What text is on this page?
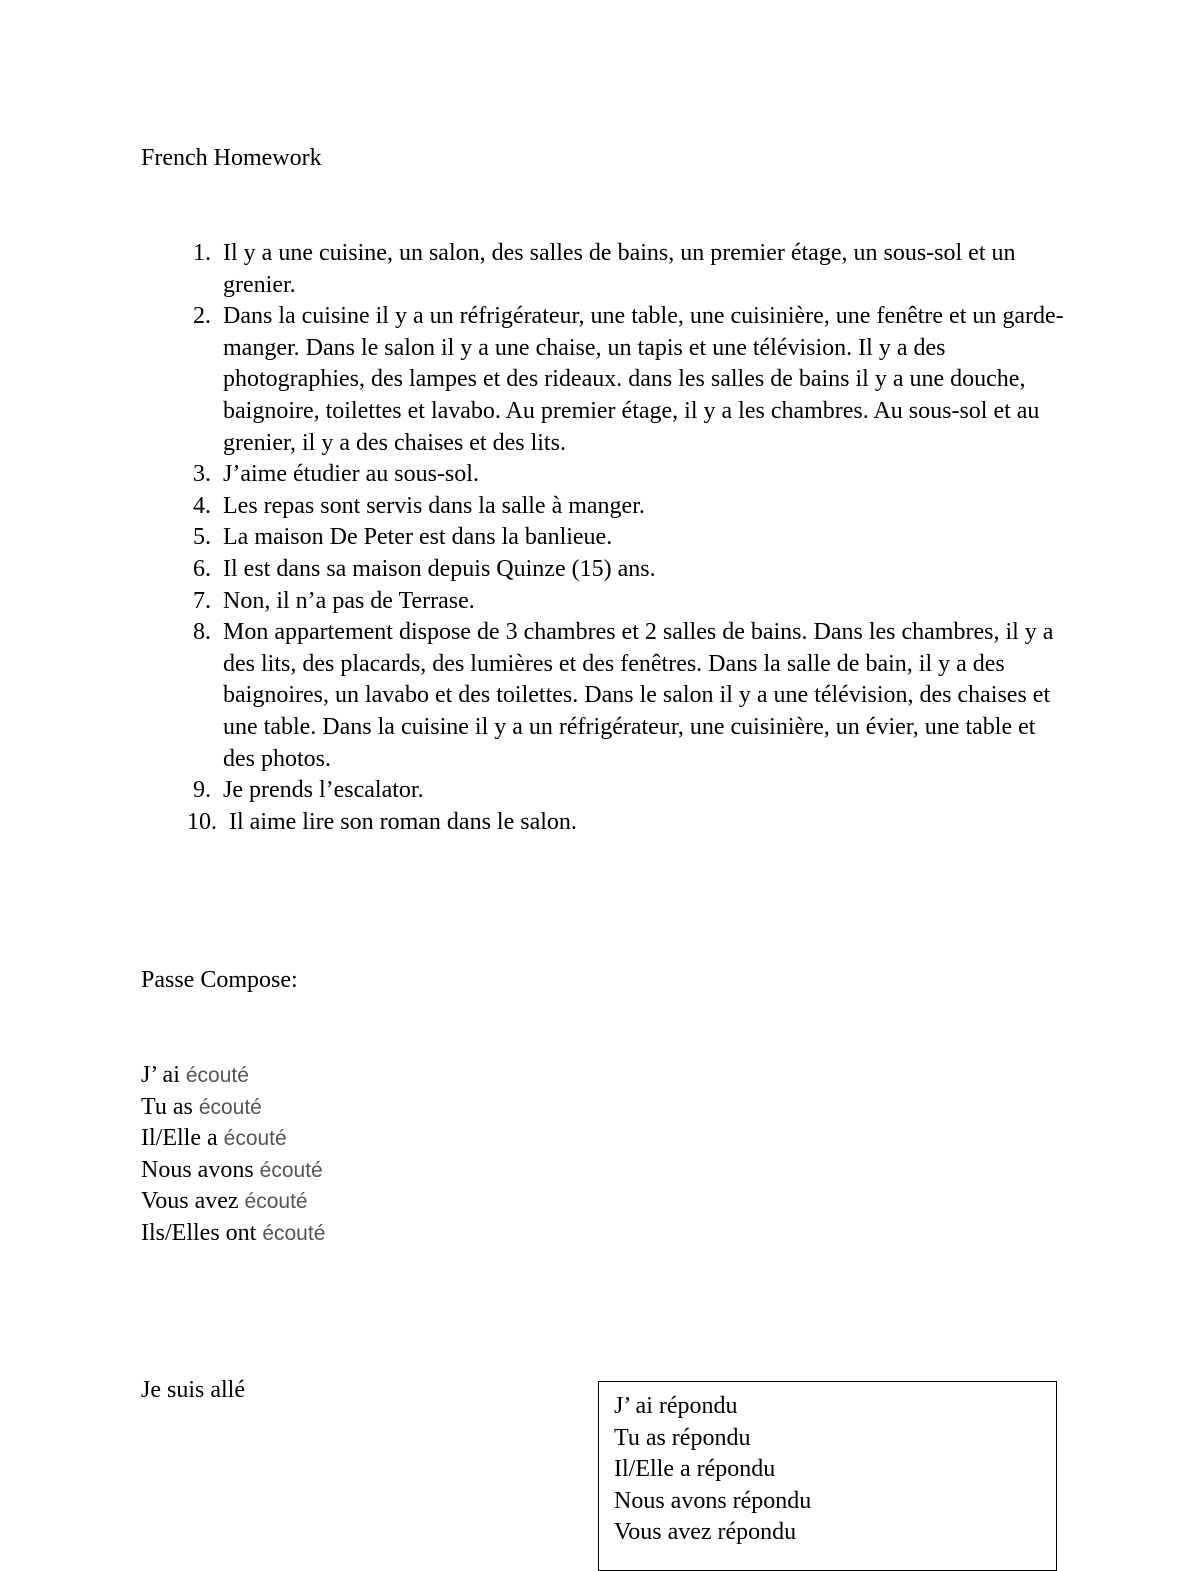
French Homework
1. Il y a une cuisine, un salon, des salles de bains, un premier étage, un sous-sol et un grenier.
2. Dans la cuisine il y a un réfrigérateur, une table, une cuisinière, une fenêtre et un garde-manger. Dans le salon il y a une chaise, un tapis et une télévision. Il y a des photographies, des lampes et des rideaux. dans les salles de bains il y a une douche, baignoire, toilettes et lavabo. Au premier étage, il y a les chambres. Au sous-sol et au grenier, il y a des chaises et des lits.
3. J’aime étudier au sous-sol.
4. Les repas sont servis dans la salle à manger.
5. La maison De Peter est dans la banlieue.
6. Il est dans sa maison depuis Quinze (15) ans.
7. Non, il n’a pas de Terrase.
8. Mon appartement dispose de 3 chambres et 2 salles de bains. Dans les chambres, il y a des lits, des placards, des lumières et des fenêtres. Dans la salle de bain, il y a des baignoires, un lavabo et des toilettes. Dans le salon il y a une télévision, des chaises et une table. Dans la cuisine il y a un réfrigérateur, une cuisinière, un évier, une table et des photos.
9. Je prends l’escalator.
10. Il aime lire son roman dans le salon.
Passe Compose:
J’ ai écouté
Tu as écouté
Il/Elle a écouté
Nous avons écouté
Vous avez écouté
Ils/Elles ont écouté

Je suis allé

J’ ai répondu
Tu as répondu
Il/Elle a répondu
Nous avons répondu
Vous avez répondu
